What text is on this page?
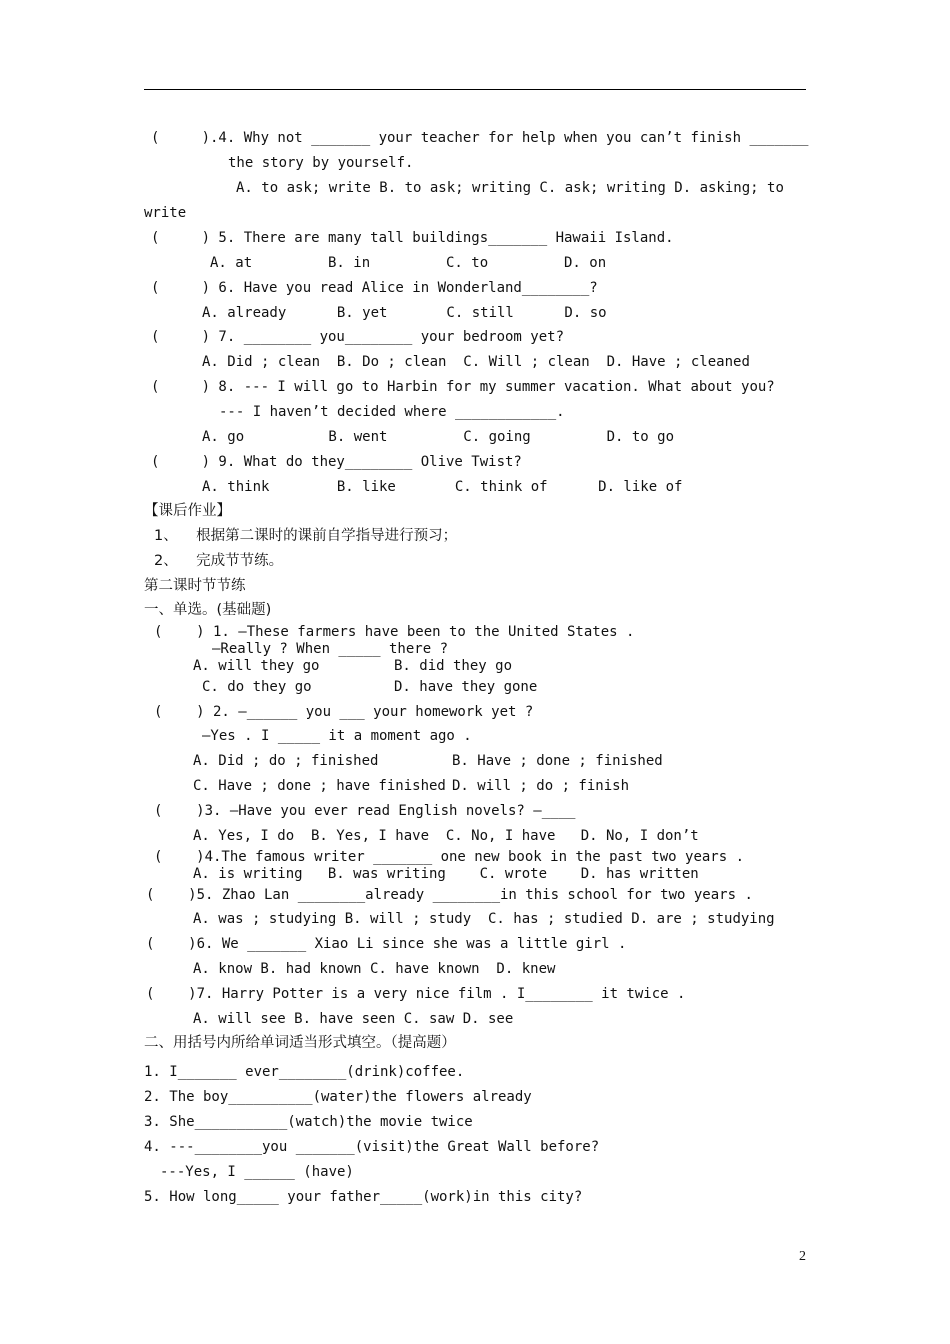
(     ).4. Why not _______ your teacher for help when you can’t finish _______
the story by yourself.
A. to ask; write B. to ask; writing C. ask; writing D. asking; to
write
(     ) 5. There are many tall buildings_______ Hawaii Island.
A. at         B. in         C. to         D. on
(     ) 6. Have you read Alice in Wonderland________?
A. already      B. yet       C. still      D. so
(     ) 7. ________ you________ your bedroom yet?
A. Did ; clean  B. Do ; clean  C. Will ; clean  D. Have ; cleaned
(     ) 8. --- I will go to Harbin for my summer vacation. What about you?
--- I haven’t decided where ____________.
A. go          B. went         C. going         D. to go
(     ) 9. What do they________ Olive Twist?
A. think        B. like       C. think of      D. like of
【课后作业】
1、    根据第二课时的课前自学指导进行预习；
2、    完成节节练。
第二课时节节练
一、单选。(基础题)
(    ) 1. —These farmers have been to the United States .
—Really ? When _____ there ?
A. will they go	B. did they go
C. do they go	D. have they gone
(    ) 2. —______ you ___ your homework yet ?
—Yes . I _____ it a moment ago .
A. Did ; do ; finished	B. Have ; done ; finished
C. Have ; done ; have finished D. will ; do ; finish
(    )3. —Have you ever read English novels? —____
A. Yes, I do  B. Yes, I have  C. No, I have   D. No, I don’t
(    )4.The famous writer _______ one new book in the past two years .
A. is writing   B. was writing    C. wrote    D. has written
(    )5. Zhao Lan ________already ________in this school for two years .
A. was ; studying B. will ; study  C. has ; studied D. are ; studying
(    )6. We _______ Xiao Li since she was a little girl .
A. know B. had known C. have known  D. knew
(    )7. Harry Potter is a very nice film . I________ it twice .
A. will see B. have seen C. saw D. see
二、用括号内所给单词适当形式填空。（提高题）
1. I_______ ever________(drink)coffee.
2. The boy__________(water)the flowers already
3. She___________(watch)the movie twice
4. ---________you _______(visit)the Great Wall before?
---Yes, I ______ (have)
5. How long_____ your father_____(work)in this city?
2
